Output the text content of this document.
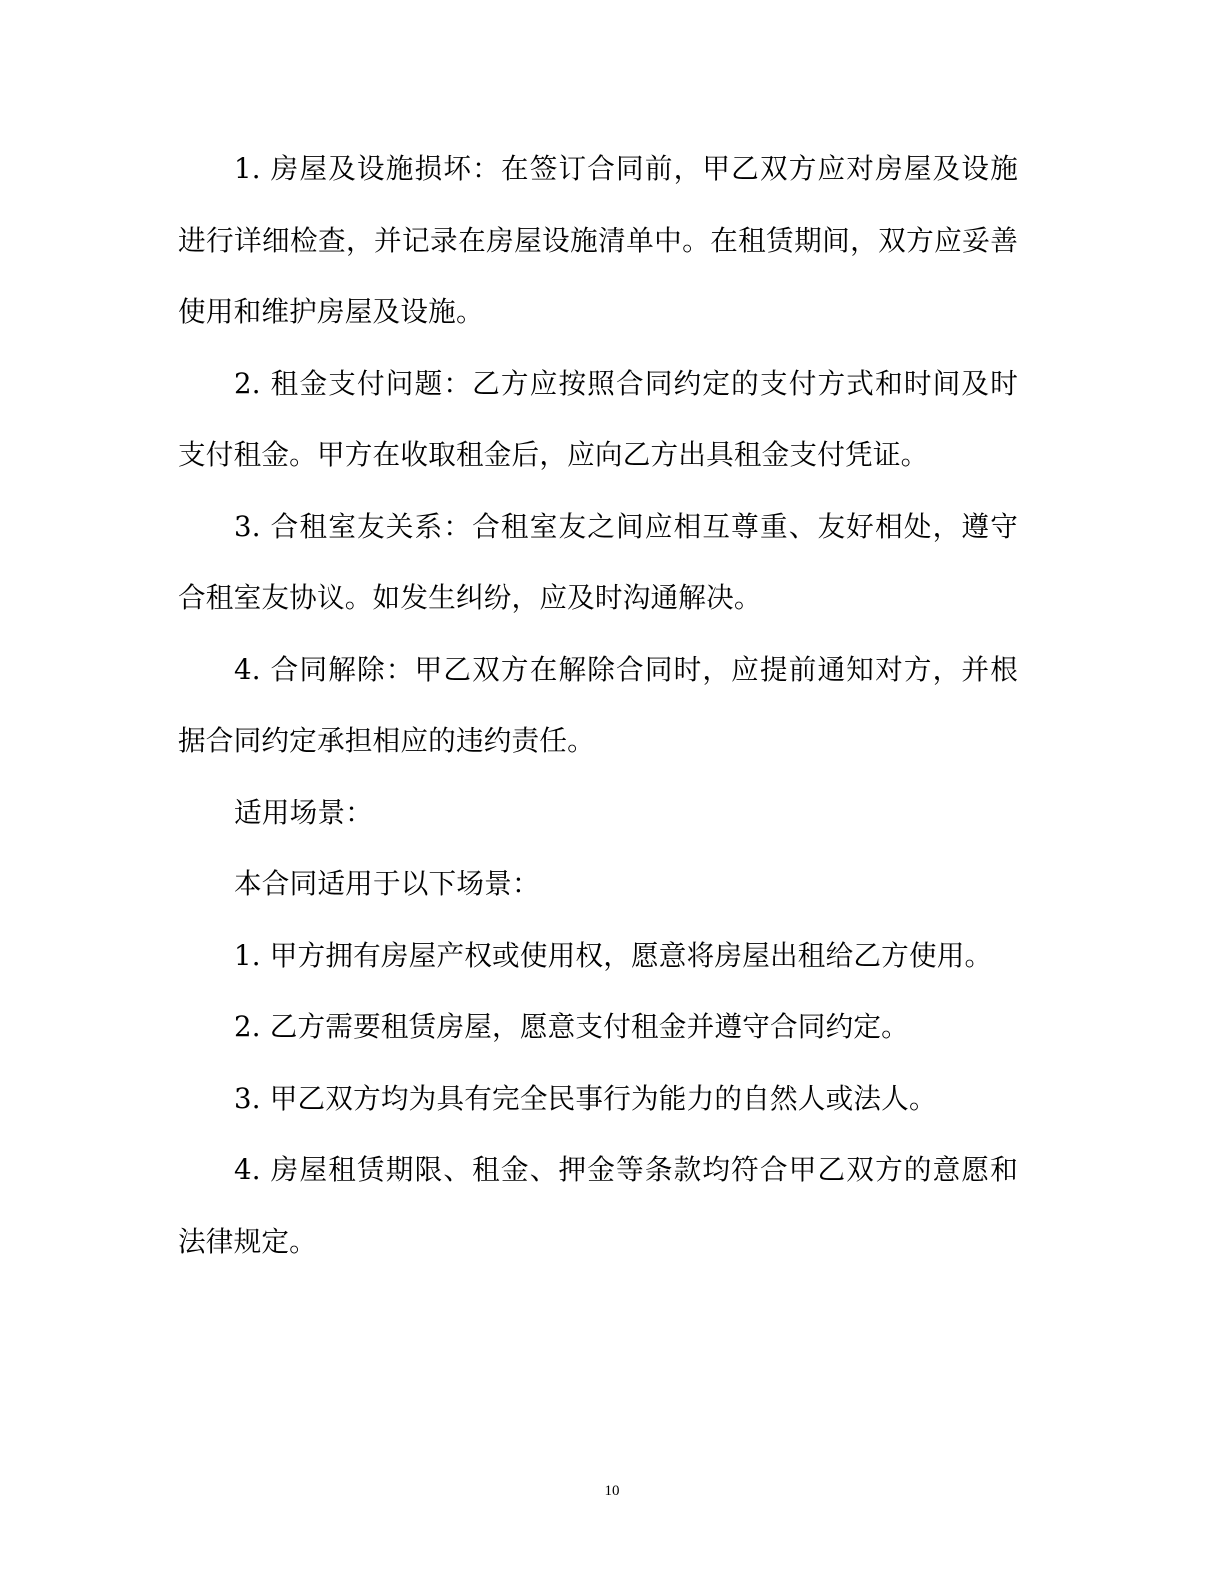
1. 房屋及设施损坏：在签订合同前，甲乙双方应对房屋及设施进行详细检查，并记录在房屋设施清单中。在租赁期间，双方应妥善使用和维护房屋及设施。

2. 租金支付问题：乙方应按照合同约定的支付方式和时间及时支付租金。甲方在收取租金后，应向乙方出具租金支付凭证。

3. 合租室友关系：合租室友之间应相互尊重、友好相处，遵守合租室友协议。如发生纠纷，应及时沟通解决。

4. 合同解除：甲乙双方在解除合同时，应提前通知对方，并根据合同约定承担相应的违约责任。

适用场景：

本合同适用于以下场景：

1. 甲方拥有房屋产权或使用权，愿意将房屋出租给乙方使用。

2. 乙方需要租赁房屋，愿意支付租金并遵守合同约定。

3. 甲乙双方均为具有完全民事行为能力的自然人或法人。

4. 房屋租赁期限、租金、押金等条款均符合甲乙双方的意愿和法律规定。

10
